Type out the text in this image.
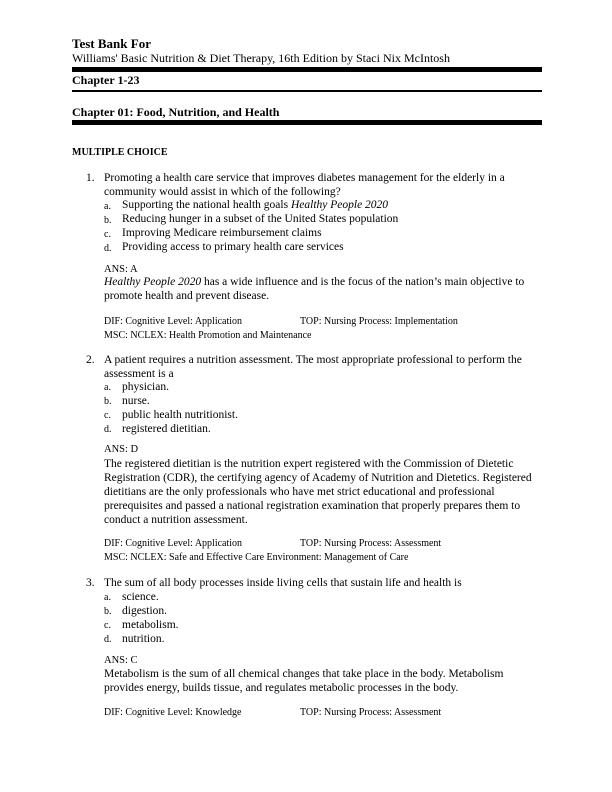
Test Bank For
Williams' Basic Nutrition & Diet Therapy, 16th Edition by Staci Nix McIntosh
Chapter 1-23
Chapter 01: Food, Nutrition, and Health
MULTIPLE CHOICE
1. Promoting a health care service that improves diabetes management for the elderly in a
community would assist in which of the following?
a. Supporting the national health goals Healthy People 2020
b. Reducing hunger in a subset of the United States population
c. Improving Medicare reimbursement claims
d. Providing access to primary health care services
ANS: A
Healthy People 2020 has a wide influence and is the focus of the nation’s main objective to
promote health and prevent disease.
DIF: Cognitive Level: Application	TOP: Nursing Process: Implementation
MSC: NCLEX: Health Promotion and Maintenance
2. A patient requires a nutrition assessment. The most appropriate professional to perform the
assessment is a
a. physician.
b. nurse.
c. public health nutritionist.
d. registered dietitian.
ANS: D
The registered dietitian is the nutrition expert registered with the Commission of Dietetic
Registration (CDR), the certifying agency of Academy of Nutrition and Dietetics. Registered
dietitians are the only professionals who have met strict educational and professional
prerequisites and passed a national registration examination that properly prepares them to
conduct a nutrition assessment.
DIF: Cognitive Level: Application	TOP: Nursing Process: Assessment
MSC: NCLEX: Safe and Effective Care Environment: Management of Care
3. The sum of all body processes inside living cells that sustain life and health is
a. science.
b. digestion.
c. metabolism.
d. nutrition.
ANS: C
Metabolism is the sum of all chemical changes that take place in the body. Metabolism
provides energy, builds tissue, and regulates metabolic processes in the body.
DIF: Cognitive Level: Knowledge	TOP: Nursing Process: Assessment
